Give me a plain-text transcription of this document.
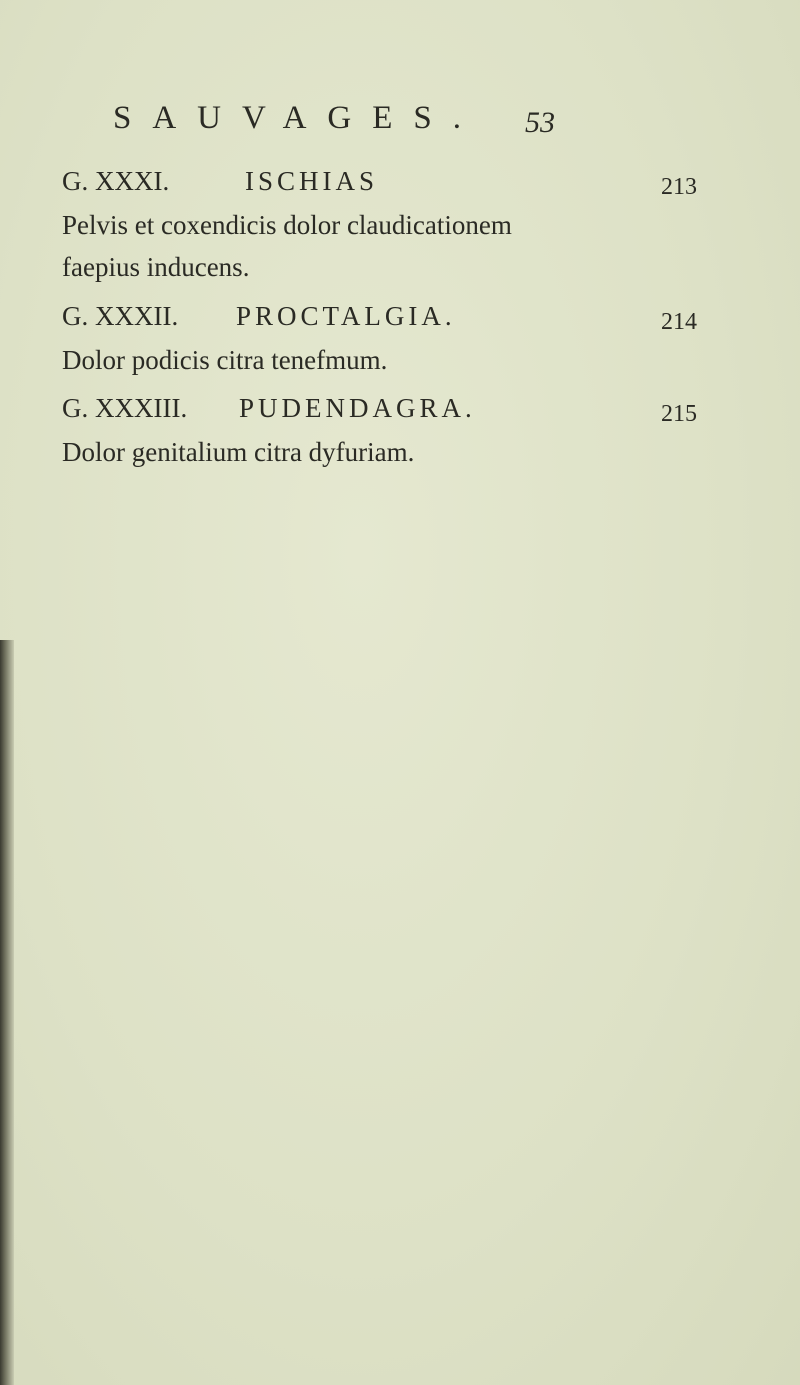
SAUVAGES. 53
G. XXXI.	ISCHIAS	213
Pelvis et coxendicis dolor claudicationem
faepius inducens.
G. XXXII. PROCTALGIA.	214
Dolor podicis citra tenefmum.
G. XXXIII. PUDENDAGRA.	215
Dolor genitalium citra dyfuriam.
